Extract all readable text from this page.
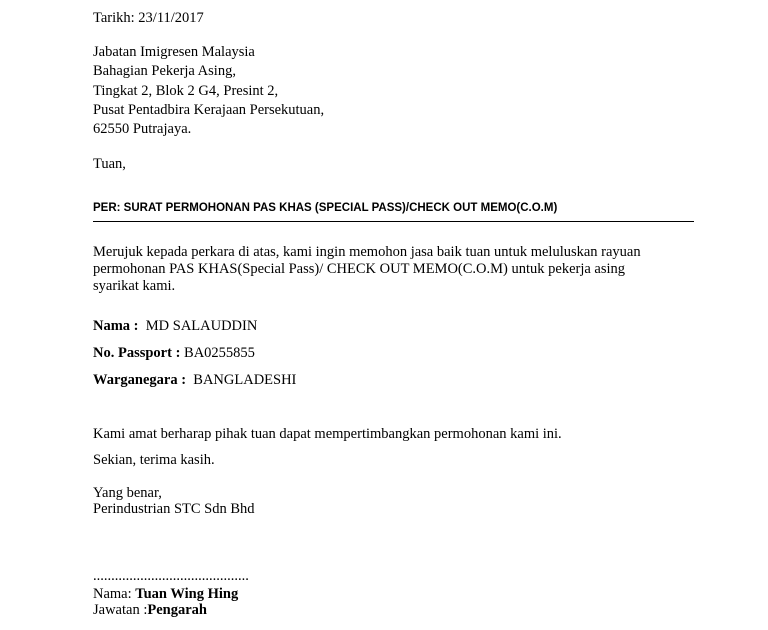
Tarikh: 23/11/2017
Jabatan Imigresen Malaysia
Bahagian Pekerja Asing,
Tingkat 2, Blok 2 G4, Presint 2,
Pusat Pentadbira Kerajaan Persekutuan,
62550 Putrajaya.
Tuan,
PER: SURAT PERMOHONAN PAS KHAS (SPECIAL PASS)/CHECK OUT MEMO(C.O.M)
Merujuk kepada perkara di atas, kami ingin memohon jasa baik tuan untuk meluluskan rayuan
permohonan PAS KHAS(Special Pass)/ CHECK OUT MEMO(C.O.M) untuk pekerja asing
syarikat kami.
Nama : MD SALAUDDIN
No. Passport : BA0255855
Warganegara : BANGLADESHI
Kami amat berharap pihak tuan dapat mempertimbangkan permohonan kami ini.
Sekian, terima kasih.
Yang benar,
Perindustrian STC Sdn Bhd
...........................................
Nama: Tuan Wing Hing
Jawatan :Pengarah
